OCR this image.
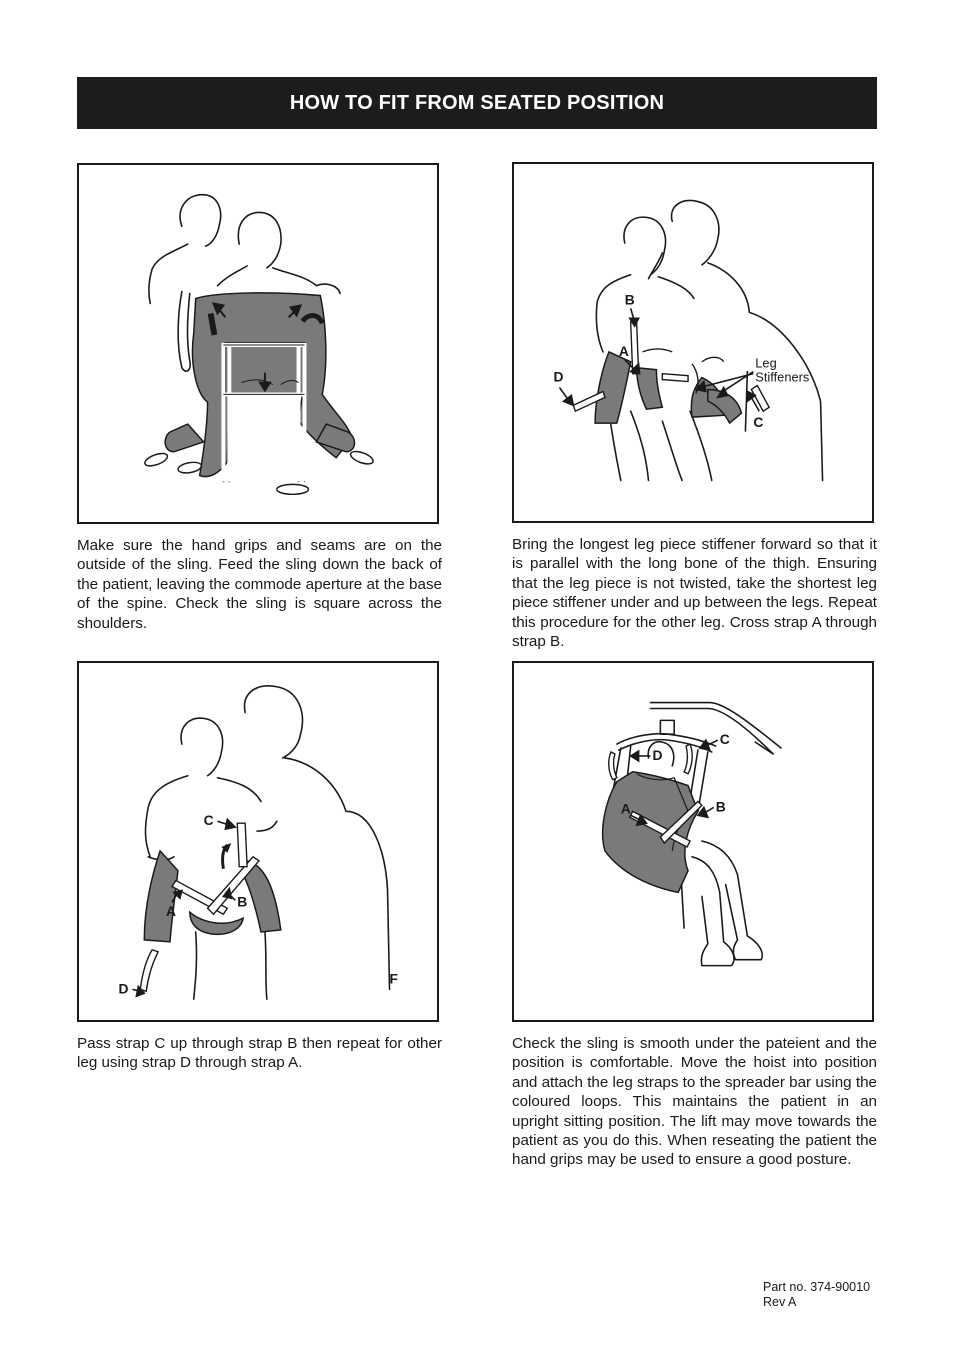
HOW TO FIT FROM SEATED POSITION
Make sure the hand grips and seams are on the outside of the sling. Feed the sling down the back of the patient, leaving the commode aperture at the base of the spine. Check the sling is square across the shoulders.
B
A
D
C
Leg
Stiffeners
Bring the longest leg piece stiffener forward so that it is parallel with the long bone of the thigh. Ensuring that the leg piece is not twisted, take the shortest leg piece stiffener under and up between the legs. Repeat this procedure for the other leg. Cross strap A through strap B.
C
B
A
D
F
Pass strap C up through strap B then repeat for other leg using strap D through strap A.
D
C
A	B
Check the sling is smooth under the pateient and the position is comfortable. Move the hoist into position and attach the leg straps to the spreader bar using the coloured loops. This maintains the patient in an upright sitting position. The lift may move towards the patient as you do this. When reseating the patient the hand grips may be used to ensure a good posture.
Part no. 374-90010
Rev A
